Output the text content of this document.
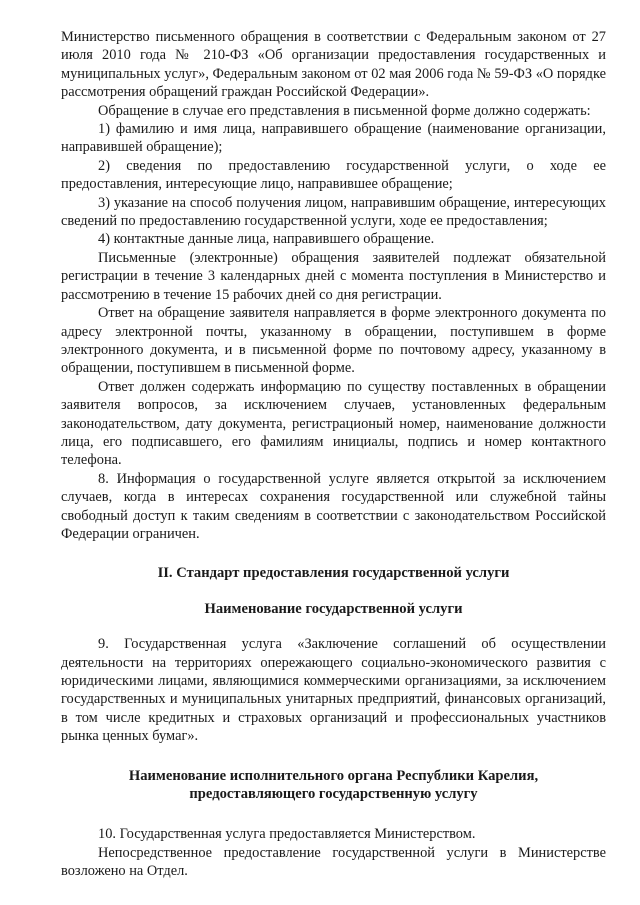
Министерство письменного обращения в соответствии с Федеральным законом от 27 июля 2010 года № 210-ФЗ «Об организации предоставления государственных и муниципальных услуг», Федеральным законом от 02 мая 2006 года № 59-ФЗ «О порядке рассмотрения обращений граждан Российской Федерации».

Обращение в случае его представления в письменной форме должно содержать:

1) фамилию и имя лица, направившего обращение (наименование организации, направившей обращение);

2) сведения по предоставлению государственной услуги, о ходе ее предоставления, интересующие лицо, направившее обращение;

3) указание на способ получения лицом, направившим обращение, интересующих сведений по предоставлению государственной услуги, ходе ее предоставления;

4) контактные данные лица, направившего обращение.

Письменные (электронные) обращения заявителей подлежат обязательной регистрации в течение 3 календарных дней с момента поступления в Министерство и рассмотрению в течение 15 рабочих дней со дня регистрации.

Ответ на обращение заявителя направляется в форме электронного документа по адресу электронной почты, указанному в обращении, поступившем в форме электронного документа, и в письменной форме по почтовому адресу, указанному в обращении, поступившем в письменной форме.

Ответ должен содержать информацию по существу поставленных в обращении заявителя вопросов, за исключением случаев, установленных федеральным законодательством, дату документа, регистрационый номер, наименование должности лица, его подписавшего, его фамилиям инициалы, подпись и номер контактного телефона.

8. Информация о государственной услуге является открытой за исключением случаев, когда в интересах сохранения государственной или служебной тайны свободный доступ к таким сведениям в соответствии с законодательством Российской Федерации ограничен.

II. Стандарт предоставления государственной услуги
Наименование государственной услуги

9. Государственная услуга «Заключение соглашений об осуществлении деятельности на территориях опережающего социально-экономического развития с юридическими лицами, являющимися коммерческими организациями, за исключением государственных и муниципальных унитарных предприятий, финансовых организаций, в том числе кредитных и страховых организаций и профессиональных участников рынка ценных бумаг».

Наименование исполнительного органа Республики Карелия,
предоставляющего государственную услугу

10. Государственная услуга предоставляется Министерством.

Непосредственное предоставление государственной услуги в Министерстве возложено на Отдел.
